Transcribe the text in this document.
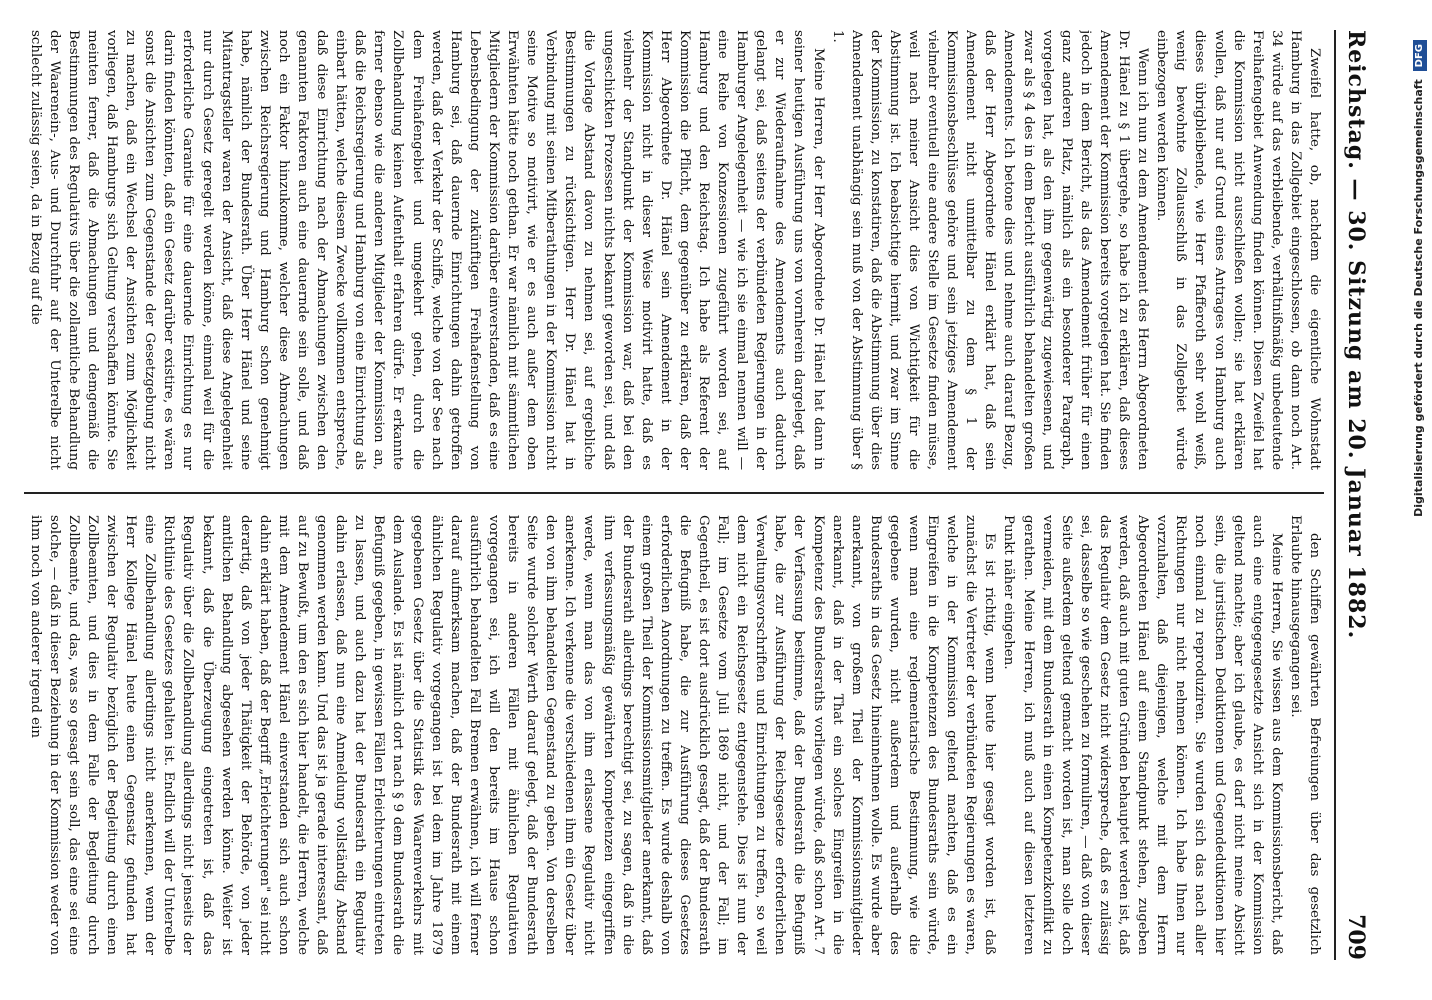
Reichstag. — 30. Sitzung am 20. Januar 1882.
709

Zweifel hatte, ob, nachdem die eigentliche Wohnstadt Hamburg in das Zollgebiet eingeschlossen, ob dann noch Art. 34 würde auf das verbleibende, verhältnißmäßig unbedeutende Freihafengebiet Anwendung finden können. Diesen Zweifel hat die Kommission nicht ausschließen wollen; sie hat erklären wollen, daß nur auf Grund eines Antrages von Hamburg auch dieses übrigbleibende, wie Herr Pfafferoth sehr wohl weiß, wenig bewohnte Zollausschluß in das Zollgebiet würde einbezogen werden können.

Wenn ich nun zu dem Amendement des Herrn Abgeordneten Dr. Hänel zu § 1 übergehe, so habe ich zu erklären, daß dieses Amendement der Kommission bereits vorgelegen hat. Sie finden jedoch in dem Bericht, als das Amendement früher für einen ganz anderen Platz, nämlich als ein besonderer Paragraph, vorgelegen hat, als den ihm gegenwärtig zugewiesenen, und zwar als § 4 des in dem Bericht ausführlich behandelten großen Amendements. Ich betone dies und nehme auch darauf Bezug, daß der Herr Abgeordnete Hänel erklärt hat, daß sein Amendement nicht unmittelbar zu dem § 1 der Kommissionsbeschlüsse gehöre und sein jetziges Amendement vielmehr eventuell eine andere Stelle im Gesetze finden müsse, weil nach meiner Ansicht dies von Wichtigkeit für die Abstimmung ist. Ich beabsichtige hiermit, und zwar im Sinne der Kommission, zu konstatiren, daß die Abstimmung über dies Amendement unabhängig sein muß von der Abstimmung über § 1.

Meine Herren, der Herr Abgeordnete Dr. Hänel hat dann in seiner heutigen Ausführung uns von vornherein dargelegt, daß er zur Wiederaufnahme des Amendements auch dadurch gelangt sei, daß seitens der verbündeten Regierungen in der Hamburger Angelegenheit — wie ich sie einmal nennen will — eine Reihe von Konzessionen zugeführt worden sei, auf Hamburg und den Reichstag. Ich habe als Referent der Kommission die Pflicht, dem gegenüber zu erklären, daß der Herr Abgeordnete Dr. Hänel sein Amendement in der Kommission nicht in dieser Weise motivirt hatte, daß es vielmehr der Standpunkt der Kommission war, daß bei den ungeschickten Prozessen nichts bekannt geworden sei, und daß die Vorlage Abstand davon zu nehmen sei, auf ergebliche Bestimmungen zu rücksichtigen. Herr Dr. Hänel hat in Verbindung mit seinen Mitberathungen in der Kommission nicht seine Motive so motivirt, wie er es auch außer dem oben Erwähnten hätte noch gethan. Er war nämlich mit sämmtlichen Mitgliedern der Kommission darüber einverstanden, daß es eine Lebensbedingung der zukünftigen Freihafenstellung von Hamburg sei, daß dauernde Einrichtungen dahin getroffen werden, daß der Verkehr der Schiffe, welche von der See nach dem Freihafengebiet und umgekehrt gehen, durch die Zollbehandlung keinen Aufenthalt erfahren dürfe. Er erkannte ferner ebenso wie die anderen Mitglieder der Kommission an, daß die Reichsregierung und Hamburg von eine Einrichtung als einbart hätten, welche diesem Zwecke vollkommen entspreche, daß diese Einrichtung nach der Abmachungen zwischen den genannten Faktoren auch eine dauernde sein solle, und daß noch ein Faktor hinzukomme, welcher diese Abmachungen zwischen Reichsregierung und Hamburg schon genehmigt habe, nämlich der Bundesrath. Über Herr Hänel und seine Mitantragsteller waren der Ansicht, daß diese Angelegenheit nur durch Gesetz geregelt werden könne, einmal weil für die erforderliche Garantie für eine dauernde Einrichtung es nur darin finden könnten, daß ein Gesetz darüber existire, es wären sonst die Ansichten zum Gegenstande der Gesetzgebung nicht zu machen, daß ein Wechsel der Ansichten zum Möglichkeit vorliegen, daß Hamburgs sich Geltung verschaffen könnte. Sie meinten ferner, daß die Abmachungen und demgemäß die Bestimmungen des Regulativs über die zollamtliche Behandlung der Waarenein-, Aus- und Durchfuhr auf der Unterelbe nicht schlecht zulässig seien, da in Bezug auf die

den Schiffen gewährten Befreiungen über das gesetzlich Erlaubte hinausgegangen sei.

Meine Herren, Sie wissen aus dem Kommissionsbericht, daß auch eine entgegengesetzte Ansicht sich in der Kommission geltend machte; aber ich glaube, es darf nicht meine Absicht sein, die juristischen Deduktionen und Gegendeduktionen hier noch einmal zu reproduziren. Sie wurden sich das nach aller Richtungen nur nicht nehmen können. Ich habe Ihnen nur vorzuhalten, daß diejenigen, welche mit dem Herrn Abgeordneten Hänel auf einem Standpunkt stehen, zugeben werden, daß auch mit guten Gründen behauptet werden ist, daß das Regulativ dem Gesetz nicht widerspreche, daß es zulässig sei, dasselbe so wie geschehen zu formuliren, — daß von dieser Seite außerdem geltend gemacht worden ist, man solle doch vermeiden, mit dem Bundesrath in einen Kompetenzkonflikt zu gerathen. Meine Herren, ich muß auch auf diesen letzteren Punkt näher eingehen.

Es ist richtig, wenn heute hier gesagt worden ist, daß zunächst die Vertreter der verbündeten Regierungen es waren, welche in der Kommission geltend machten, daß es ein Eingreifen in die Kompetenzen des Bundesraths sein würde, wenn man eine reglementarische Bestimmung, wie die gegebene wurden, nicht außerdem und außerhalb des Bundesraths in das Gesetz hineinnehmen wolle. Es wurde aber anerkannt, von großem Theil der Kommissionsmitglieder anerkannt, daß in der That ein solches Eingreifen in die Kompetenz des Bundesraths vorliegen würde, daß schon Art. 7 der Verfassung bestimme, daß der Bundesrath die Befugniß habe, die zur Ausführung der Reichsgesetze erforderlichen Verwaltungsvorschriften und Einrichtungen zu treffen, so weil dem nicht ein Reichsgesetz entgegenstehe. Dies ist nun der Fall; im Gesetze vom Juli 1869 nicht, und der Fall; im Gegentheil, es ist dort ausdrücklich gesagt, daß der Bundesrath die Befugniß habe, die zur Ausführung dieses Gesetzes erforderlichen Anordnungen zu treffen. Es wurde deshalb von einem großen Theil der Kommissionsmitglieder anerkannt, daß der Bundesrath allerdings berechtigt sei, zu sagen, daß in die ihm verfassungsmäßig gewährten Kompetenzen eingegriffen werde, wenn man das von ihm erlassene Regulativ nicht anerkenne. Ich verkenne die verschiedenen ihm ein Gesetz über den von ihm behandelten Gegenstand zu geben. Von derselben Seite wurde solcher Werth darauf gelegt, daß der Bundesrath bereits in anderen Fällen mit ähnlichen Regulativen vorgegangen sei, ich will den bereits im Hause schon ausführlich behandelten Fall Bremen erwähnen, ich will ferner darauf aufmerksam machen, daß der Bundesrath mit einem ähnlichen Regulativ vorgegangen ist bei dem im Jahre 1879 gegebenen Gesetz über die Statistik des Waarenverkehrs mit dem Auslande. Es ist nämlich dort nach § 9 dem Bundesrath die Befugniß gegeben, in gewissen Fällen Erleichterungen eintreten zu lassen, und auch dazu hat der Bundesrath ein Regulativ dahin erlassen, daß nun eine Anmeldung vollständig Abstand genommen werden kann. Und das ist ja gerade interessant, daß auf zu Bewußt, um den es sich hier handelt, die Herren, welche mit dem Amendement Hänel einverstanden sich auch schon dahin erklärt haben, daß der Begriff „Erleichterungen" sei nicht derartig, daß von jeder Thätigkeit der Behörde, von jeder amtlichen Behandlung abgesehen werden könne. Weiter ist bekannt, daß die Überzeugung eingetreten ist, daß das Regulativ über die Zollbehandlung allerdings nicht jenseits der Richtlinie des Gesetzes gehalten ist. Endlich will der Unterelbe eine Zollbehandlung allerdings nicht anerkennen, wenn der Herr Kollege Hänel heute einen Gegensatz gefunden hat zwischen der Regulativ bezüglich der Begleitung durch einen Zollbeamten, und dies in dem Falle der Begleitung durch Zollbeamte, und das, was so gesagt sein soll, das eine sei eine solche, — daß in dieser Beziehung in der Kommission weder von ihm noch von anderer irgend ein

Digitalisierung gefördert durch die Deutsche Forschungsgemeinschaft DFG
